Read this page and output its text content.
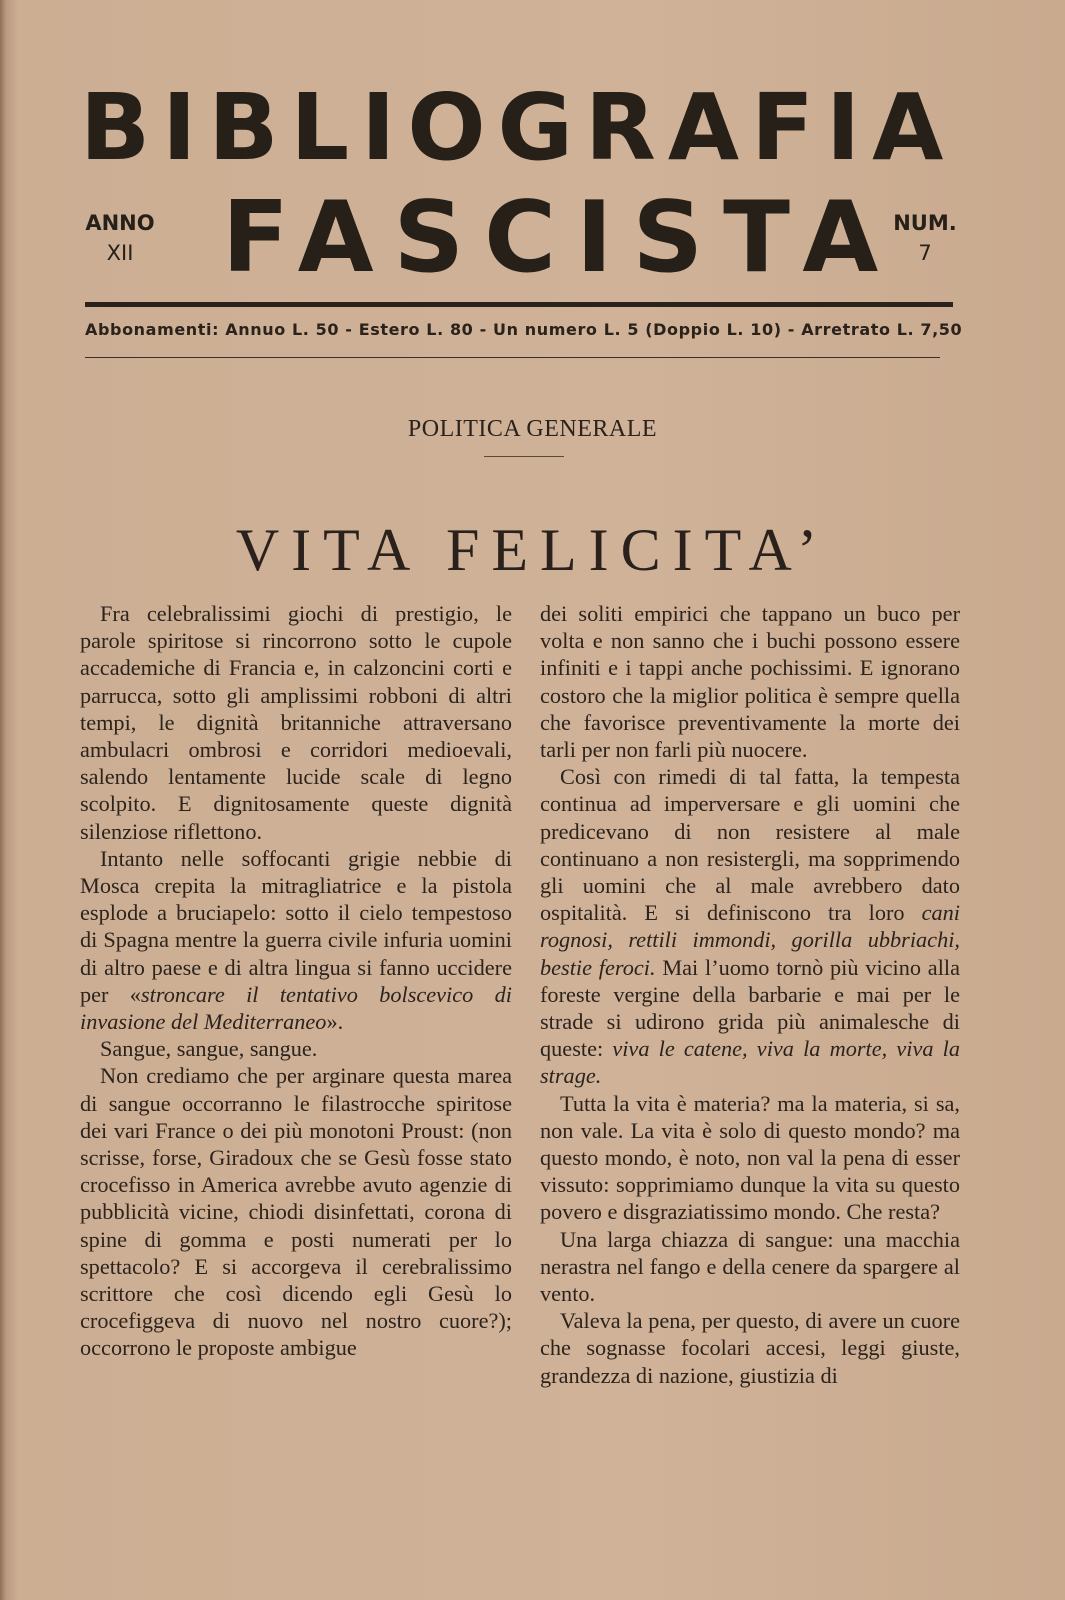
BIBLIOGRAFIA
ANNO
XII FASCISTA
NUM.
7
Abbonamenti: Annuo L. 50 - Estero L. 80 - Un numero L. 5 (Doppio L. 10) - Arretrato L. 7,50
POLITICA GENERALE
VITA FELICITA’

Fra celebralissimi giochi di prestigio, le parole spiritose si rincorrono sotto le cupole accademiche di Francia e, in calzoncini corti e parrucca, sotto gli amplissimi robboni di altri tempi, le dignità britanniche attraversano ambulacri ombrosi e corridori medioevali, salendo lentamente lucide scale di legno scolpito. E dignitosamente queste dignità silenziose riflettono.

Intanto nelle soffocanti grigie nebbie di Mosca crepita la mitragliatrice e la pistola esplode a bruciapelo: sotto il cielo tempestoso di Spagna mentre la guerra civile infuria uomini di altro paese e di altra lingua si fanno uccidere per «stroncare il tentativo bolscevico di invasione del Mediterraneo».

Sangue, sangue, sangue.

Non crediamo che per arginare questa marea di sangue occorranno le filastrocche spiritose dei vari France o dei più monotoni Proust: (non scrisse, forse, Giradoux che se Gesù fosse stato crocefisso in America avrebbe avuto agenzie di pubblicità vicine, chiodi disinfettati, corona di spine di gomma e posti numerati per lo spettacolo? E si accorgeva il cerebralissimo scrittore che così dicendo egli Gesù lo crocefiggeva di nuovo nel nostro cuore?); occorrono le proposte ambigue

dei soliti empirici che tappano un buco per volta e non sanno che i buchi possono essere infiniti e i tappi anche pochissimi. E ignorano costoro che la miglior politica è sempre quella che favorisce preventivamente la morte dei tarli per non farli più nuocere.

Così con rimedi di tal fatta, la tempesta continua ad imperversare e gli uomini che predicevano di non resistere al male continuano a non resistergli, ma sopprimendo gli uomini che al male avrebbero dato ospitalità. E si definiscono tra loro cani rognosi, rettili immondi, gorilla ubbriachi, bestie feroci. Mai l’uomo tornò più vicino alla foreste vergine della barbarie e mai per le strade si udirono grida più animalesche di queste: viva le catene, viva la morte, viva la strage.

Tutta la vita è materia? ma la materia, si sa, non vale. La vita è solo di questo mondo? ma questo mondo, è noto, non val la pena di esser vissuto: sopprimiamo dunque la vita su questo povero e disgraziatissimo mondo. Che resta?

Una larga chiazza di sangue: una macchia nerastra nel fango e della cenere da spargere al vento.

Valeva la pena, per questo, di avere un cuore che sognasse focolari accesi, leggi giuste, grandezza di nazione, giustizia di
